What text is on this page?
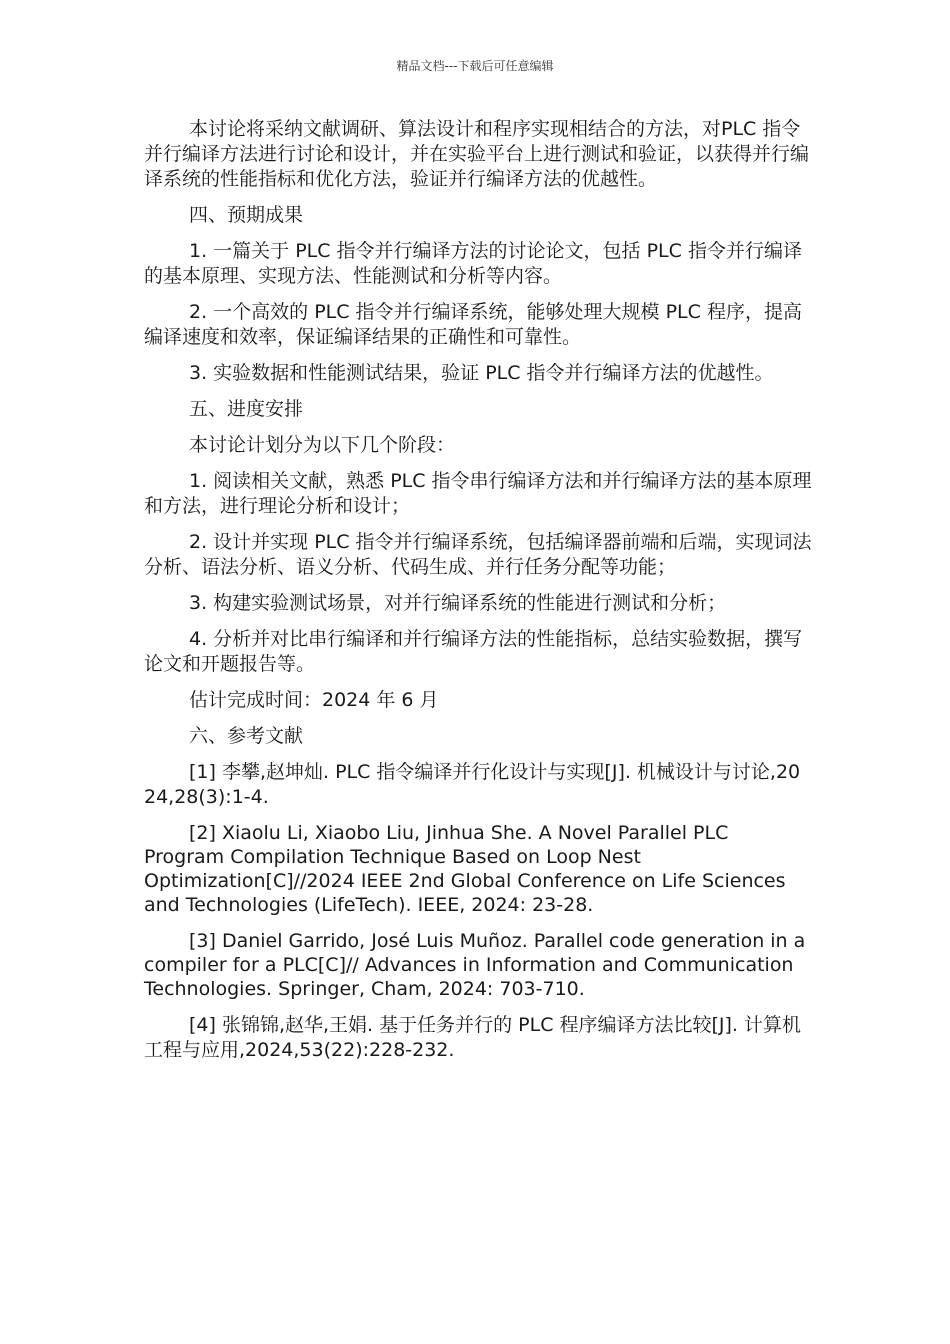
精品文档---下载后可任意编辑

本讨论将采纳文献调研、算法设计和程序实现相结合的方法，对PLC 指令并行编译方法进行讨论和设计，并在实验平台上进行测试和验证，以获得并行编译系统的性能指标和优化方法，验证并行编译方法的优越性。

四、预期成果

1. 一篇关于 PLC 指令并行编译方法的讨论论文，包括 PLC 指令并行编译的基本原理、实现方法、性能测试和分析等内容。

2. 一个高效的 PLC 指令并行编译系统，能够处理大规模 PLC 程序，提高编译速度和效率，保证编译结果的正确性和可靠性。

3. 实验数据和性能测试结果，验证 PLC 指令并行编译方法的优越性。

五、进度安排

本讨论计划分为以下几个阶段：

1. 阅读相关文献，熟悉 PLC 指令串行编译方法和并行编译方法的基本原理和方法，进行理论分析和设计；

2. 设计并实现 PLC 指令并行编译系统，包括编译器前端和后端，实现词法分析、语法分析、语义分析、代码生成、并行任务分配等功能；

3. 构建实验测试场景，对并行编译系统的性能进行测试和分析；

4. 分析并对比串行编译和并行编译方法的性能指标，总结实验数据，撰写论文和开题报告等。

估计完成时间：2024 年 6 月

六、参考文献

[1] 李攀,赵坤灿. PLC 指令编译并行化设计与实现[J]. 机械设计与讨论,2024,28(3):1-4.

[2] Xiaolu Li, Xiaobo Liu, Jinhua She. A Novel Parallel PLC Program Compilation Technique Based on Loop Nest Optimization[C]//2024 IEEE 2nd Global Conference on Life Sciences and Technologies (LifeTech). IEEE, 2024: 23-28.

[3] Daniel Garrido, José Luis Muñoz. Parallel code generation in a compiler for a PLC[C]// Advances in Information and Communication Technologies. Springer, Cham, 2024: 703-710.

[4] 张锦锦,赵华,王娟. 基于任务并行的 PLC 程序编译方法比较[J]. 计算机工程与应用,2024,53(22):228-232.
